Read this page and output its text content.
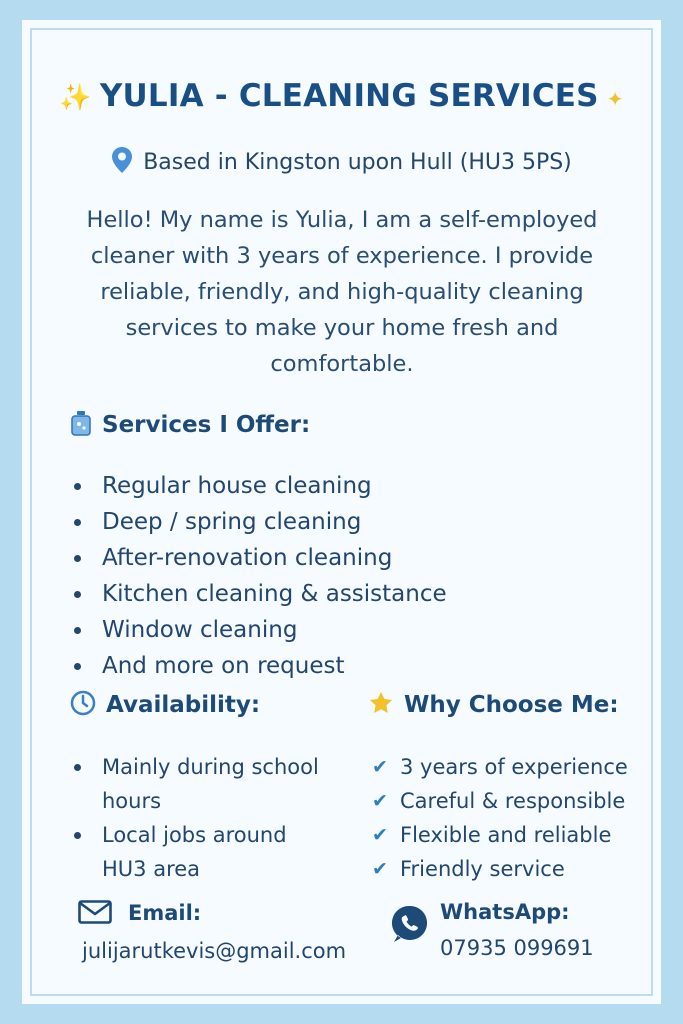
✨ YULIA - CLEANING SERVICES ✦
Based in Kingston upon Hull (HU3 5PS)
Hello! My name is Yulia, I am a self-employed cleaner with 3 years of experience. I provide reliable, friendly, and high-quality cleaning services to make your home fresh and comfortable.
Services I Offer:
Regular house cleaning
Deep / spring cleaning
After-renovation cleaning
Kitchen cleaning & assistance
Window cleaning
And more on request
Availability:
Mainly during school hours
Local jobs around HU3 area
Why Choose Me:
✔ 3 years of experience
✔ Careful & responsible
✔ Flexible and reliable
✔ Friendly service
Email:
julijarutkevis@gmail.com
WhatsApp:
07935 099691
